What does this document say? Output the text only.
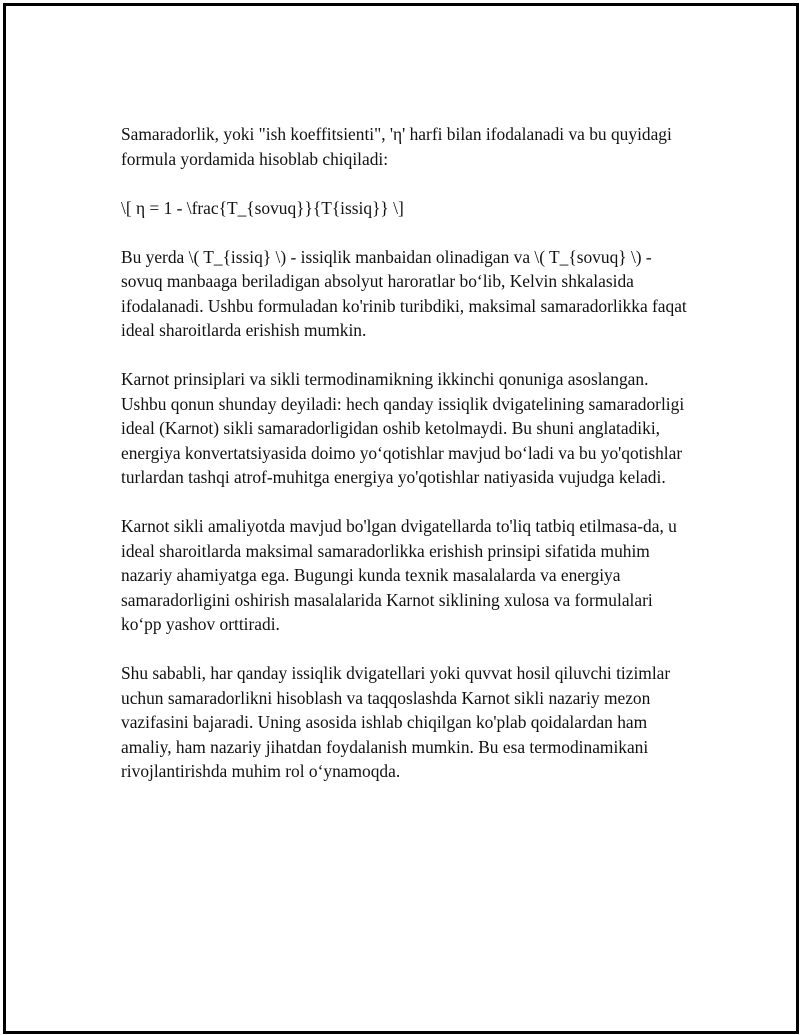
Samaradorlik, yoki "ish koeffitsienti", 'η' harfi bilan ifodalanadi va bu quyidagi formula yordamida hisoblab chiqiladi:

\[ η = 1 - \frac{T_{sovuq}}{T{issiq}} \]

Bu yerda \( T_{issiq} \) - issiqlik manbaidan olinadigan va \( T_{sovuq} \) - sovuq manbaaga beriladigan absolyut haroratlar bo‘lib, Kelvin shkalasida ifodalanadi. Ushbu formuladan ko'rinib turibdiki, maksimal samaradorlikka faqat ideal sharoitlarda erishish mumkin.

Karnot prinsiplari va sikli termodinamikning ikkinchi qonuniga asoslangan. Ushbu qonun shunday deyiladi: hech qanday issiqlik dvigatelining samaradorligi ideal (Karnot) sikli samaradorligidan oshib ketolmaydi. Bu shuni anglatadiki, energiya konvertatsiyasida doimo yo‘qotishlar mavjud bo‘ladi va bu yo'qotishlar turlardan tashqi atrof-muhitga energiya yo'qotishlar natiyasida vujudga keladi.

Karnot sikli amaliyotda mavjud bo'lgan dvigatellarda to'liq tatbiq etilmasa-da, u ideal sharoitlarda maksimal samaradorlikka erishish prinsipi sifatida muhim nazariy ahamiyatga ega. Bugungi kunda texnik masalalarda va energiya samaradorligini oshirish masalalarida Karnot siklining xulosa va formulalari ko‘pp yashov orttiradi.

Shu sababli, har qanday issiqlik dvigatellari yoki quvvat hosil qiluvchi tizimlar uchun samaradorlikni hisoblash va taqqoslashda Karnot sikli nazariy mezon vazifasini bajaradi. Uning asosida ishlab chiqilgan ko'plab qoidalardan ham amaliy, ham nazariy jihatdan foydalanish mumkin. Bu esa termodinamikani rivojlantirishda muhim rol o‘ynamoqda.
